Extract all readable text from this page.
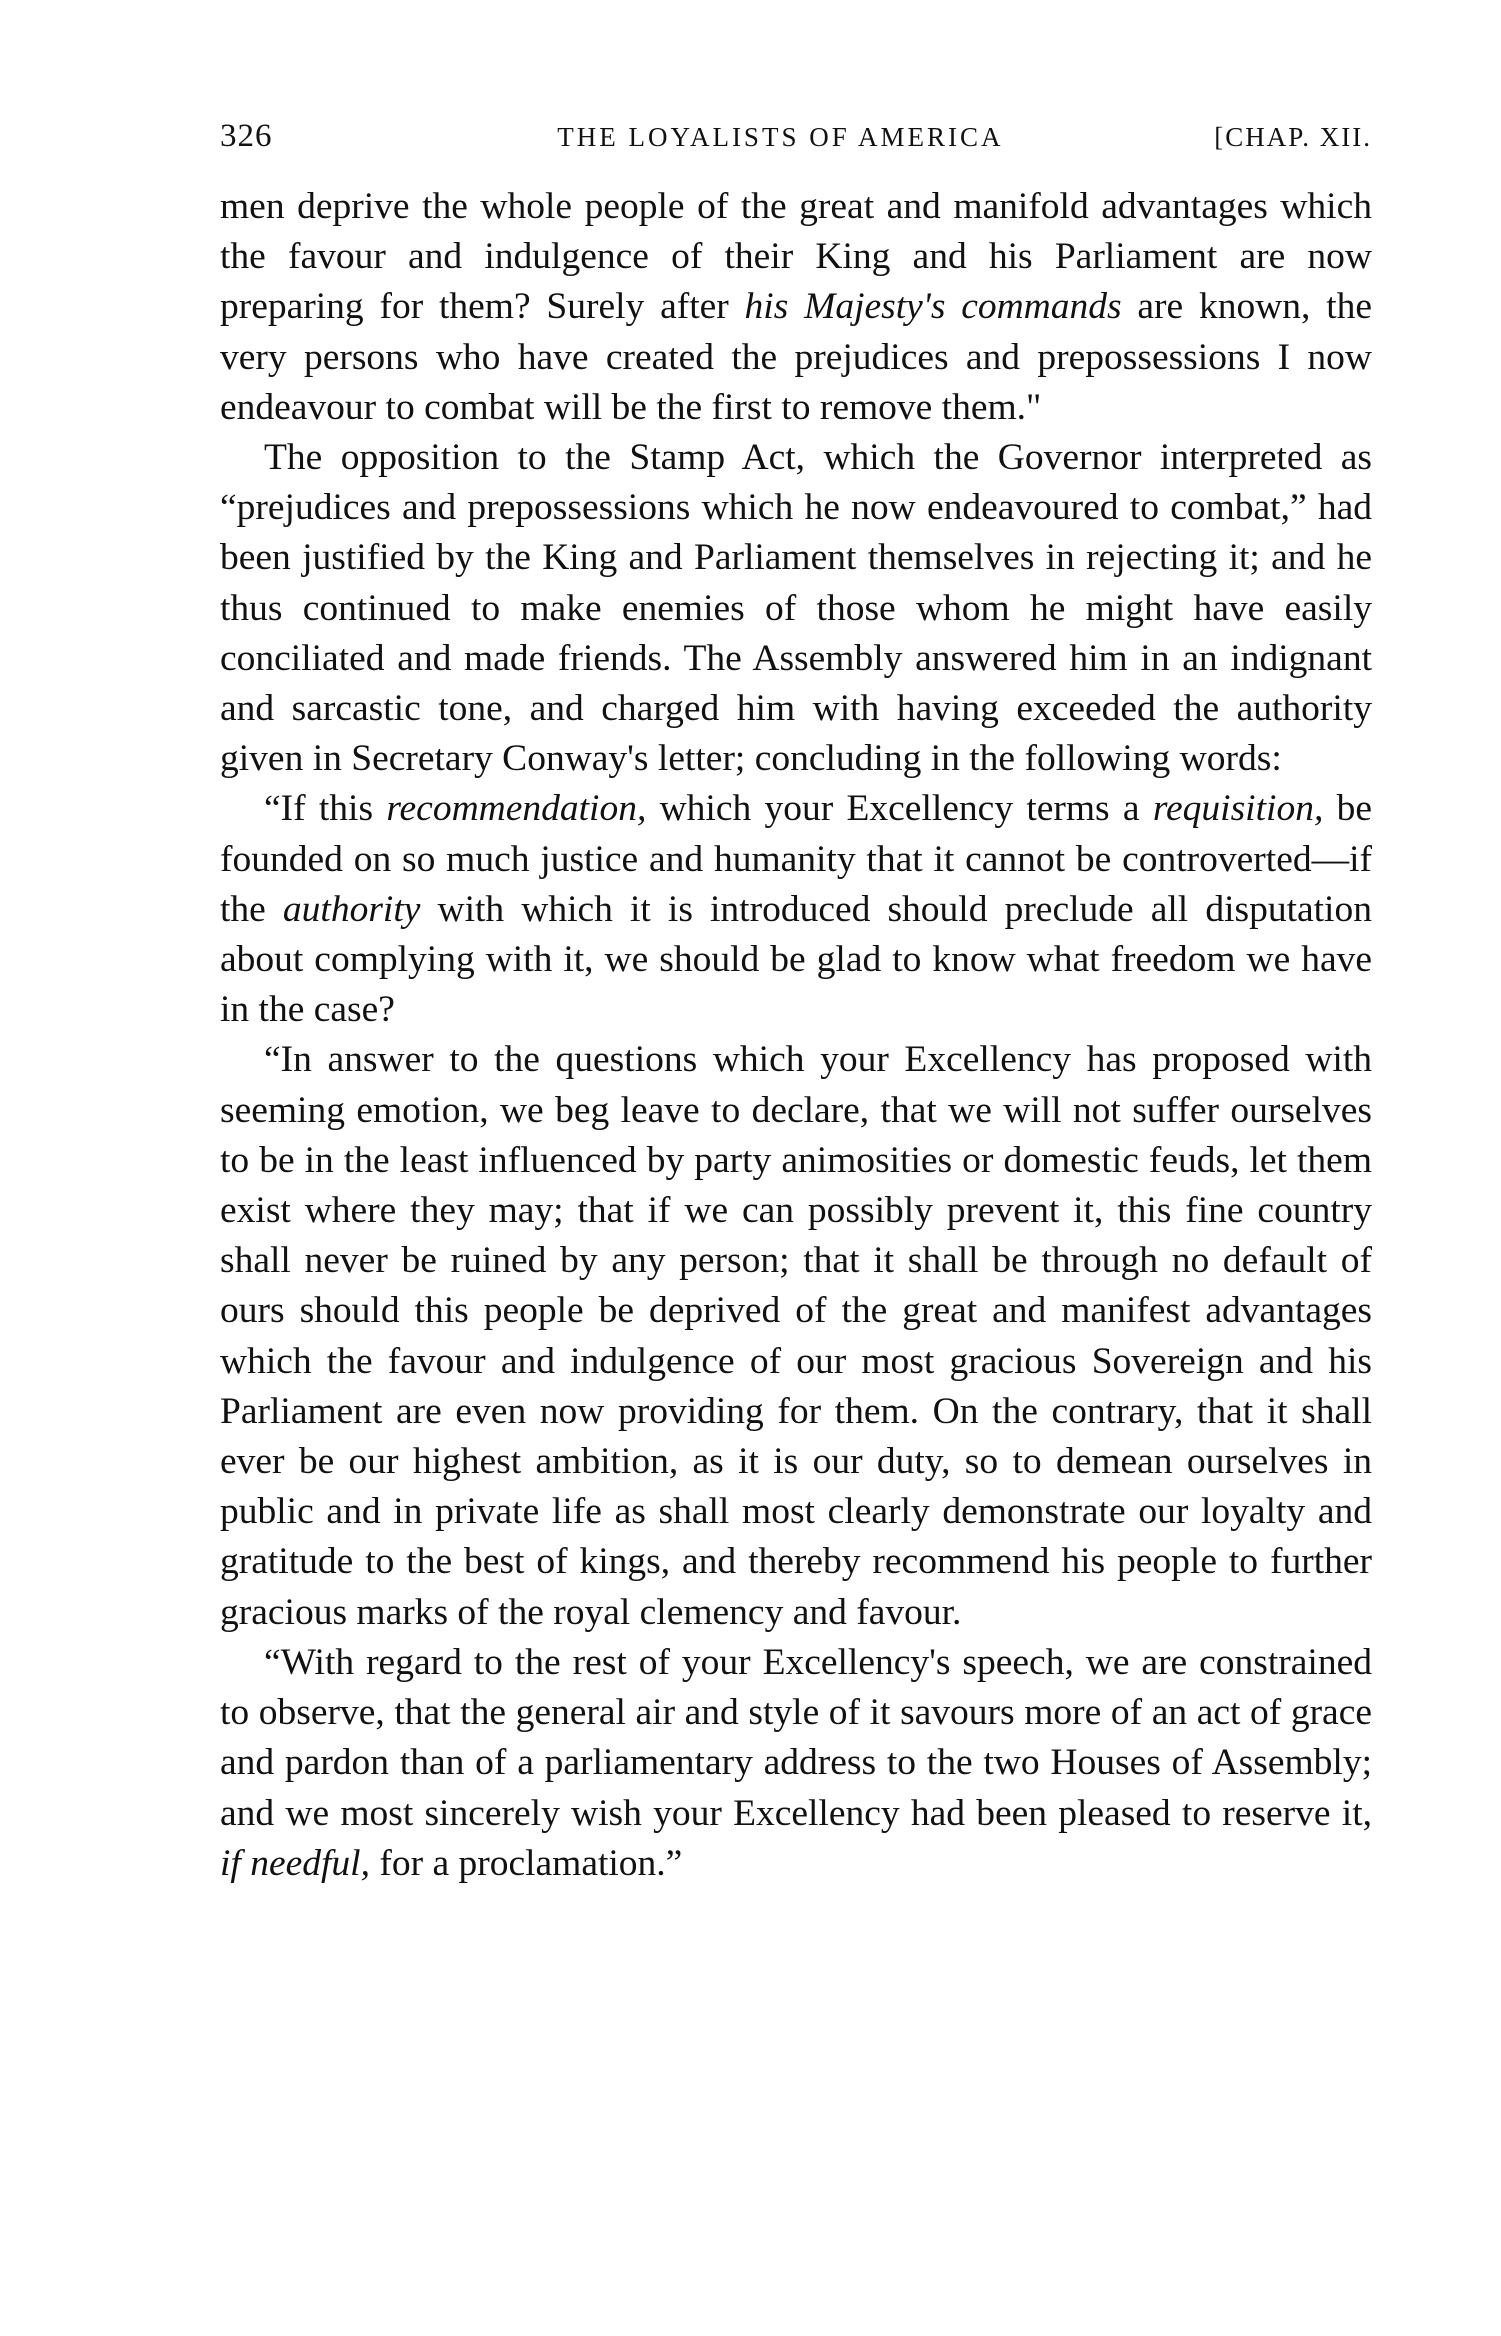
326	THE LOYALISTS OF AMERICA	[CHAP. XII.

men deprive the whole people of the great and manifold advantages which the favour and indulgence of their King and his Parliament are now preparing for them? Surely after his Majesty's commands are known, the very persons who have created the prejudices and prepossessions I now endeavour to combat will be the first to remove them."

The opposition to the Stamp Act, which the Governor interpreted as “prejudices and prepossessions which he now endeavoured to combat,” had been justified by the King and Parliament themselves in rejecting it; and he thus continued to make enemies of those whom he might have easily conciliated and made friends. The Assembly answered him in an indignant and sarcastic tone, and charged him with having exceeded the authority given in Secretary Conway's letter; concluding in the following words:

“If this recommendation, which your Excellency terms a requisition, be founded on so much justice and humanity that it cannot be controverted—if the authority with which it is introduced should preclude all disputation about complying with it, we should be glad to know what freedom we have in the case?

“In answer to the questions which your Excellency has proposed with seeming emotion, we beg leave to declare, that we will not suffer ourselves to be in the least influenced by party animosities or domestic feuds, let them exist where they may; that if we can possibly prevent it, this fine country shall never be ruined by any person; that it shall be through no default of ours should this people be deprived of the great and manifest advantages which the favour and indulgence of our most gracious Sovereign and his Parliament are even now providing for them. On the contrary, that it shall ever be our highest ambition, as it is our duty, so to demean ourselves in public and in private life as shall most clearly demonstrate our loyalty and gratitude to the best of kings, and thereby recommend his people to further gracious marks of the royal clemency and favour.

“With regard to the rest of your Excellency's speech, we are constrained to observe, that the general air and style of it savours more of an act of grace and pardon than of a parliamentary address to the two Houses of Assembly; and we most sincerely wish your Excellency had been pleased to reserve it, if needful, for a proclamation.”
